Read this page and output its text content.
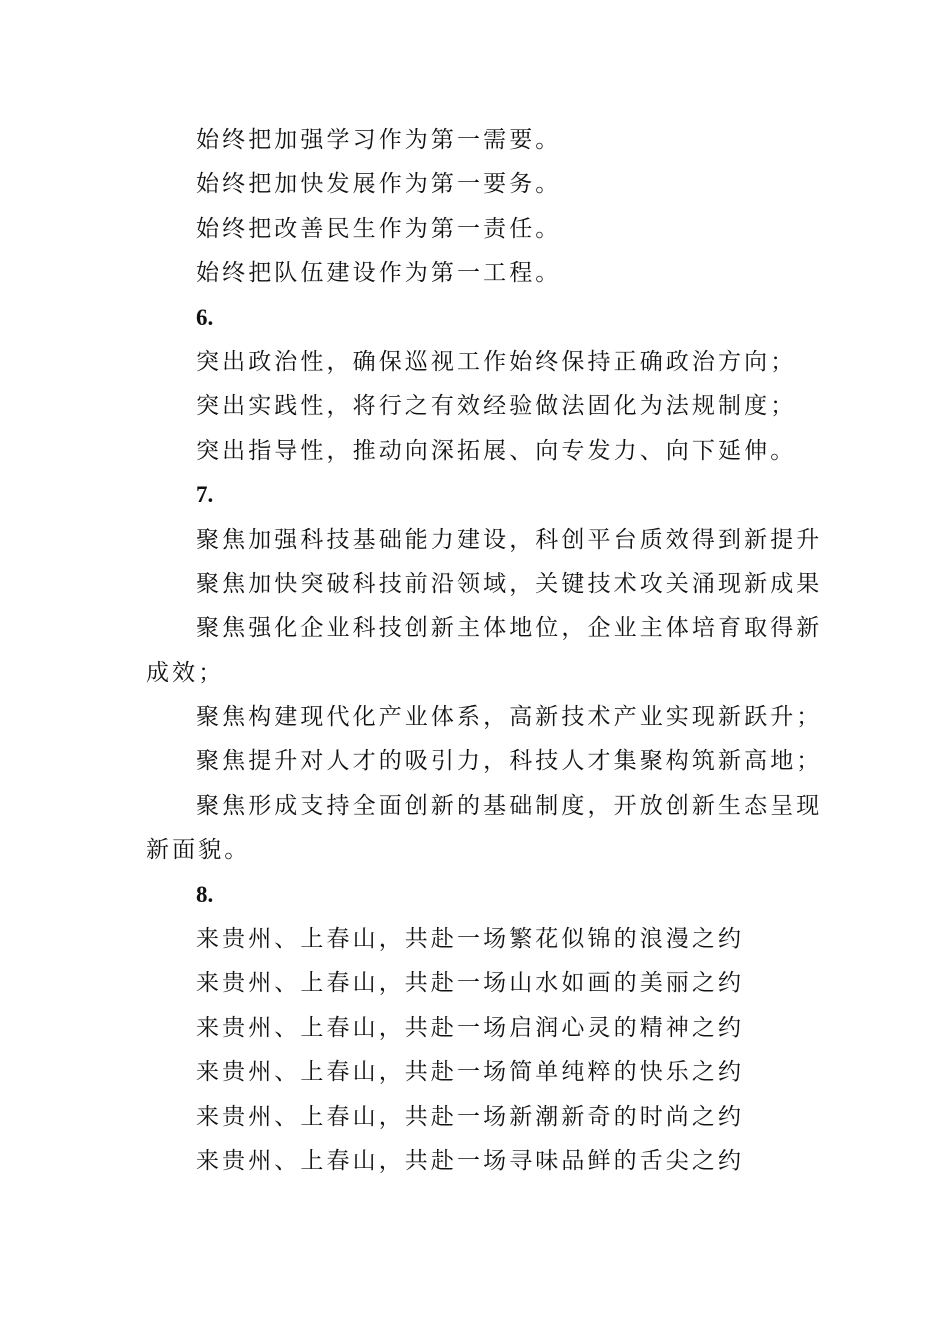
始终把加强学习作为第一需要。
始终把加快发展作为第一要务。
始终把改善民生作为第一责任。
始终把队伍建设作为第一工程。
6.
突出政治性，确保巡视工作始终保持正确政治方向；
突出实践性，将行之有效经验做法固化为法规制度；
突出指导性，推动向深拓展、向专发力、向下延伸。
7.
聚焦加强科技基础能力建设，科创平台质效得到新提升
聚焦加快突破科技前沿领域，关键技术攻关涌现新成果
聚焦强化企业科技创新主体地位，企业主体培育取得新
成效；
聚焦构建现代化产业体系，高新技术产业实现新跃升；
聚焦提升对人才的吸引力，科技人才集聚构筑新高地；
聚焦形成支持全面创新的基础制度，开放创新生态呈现
新面貌。
8.
来贵州、上春山，共赴一场繁花似锦的浪漫之约
来贵州、上春山，共赴一场山水如画的美丽之约
来贵州、上春山，共赴一场启润心灵的精神之约
来贵州、上春山，共赴一场简单纯粹的快乐之约
来贵州、上春山，共赴一场新潮新奇的时尚之约
来贵州、上春山，共赴一场寻味品鲜的舌尖之约
